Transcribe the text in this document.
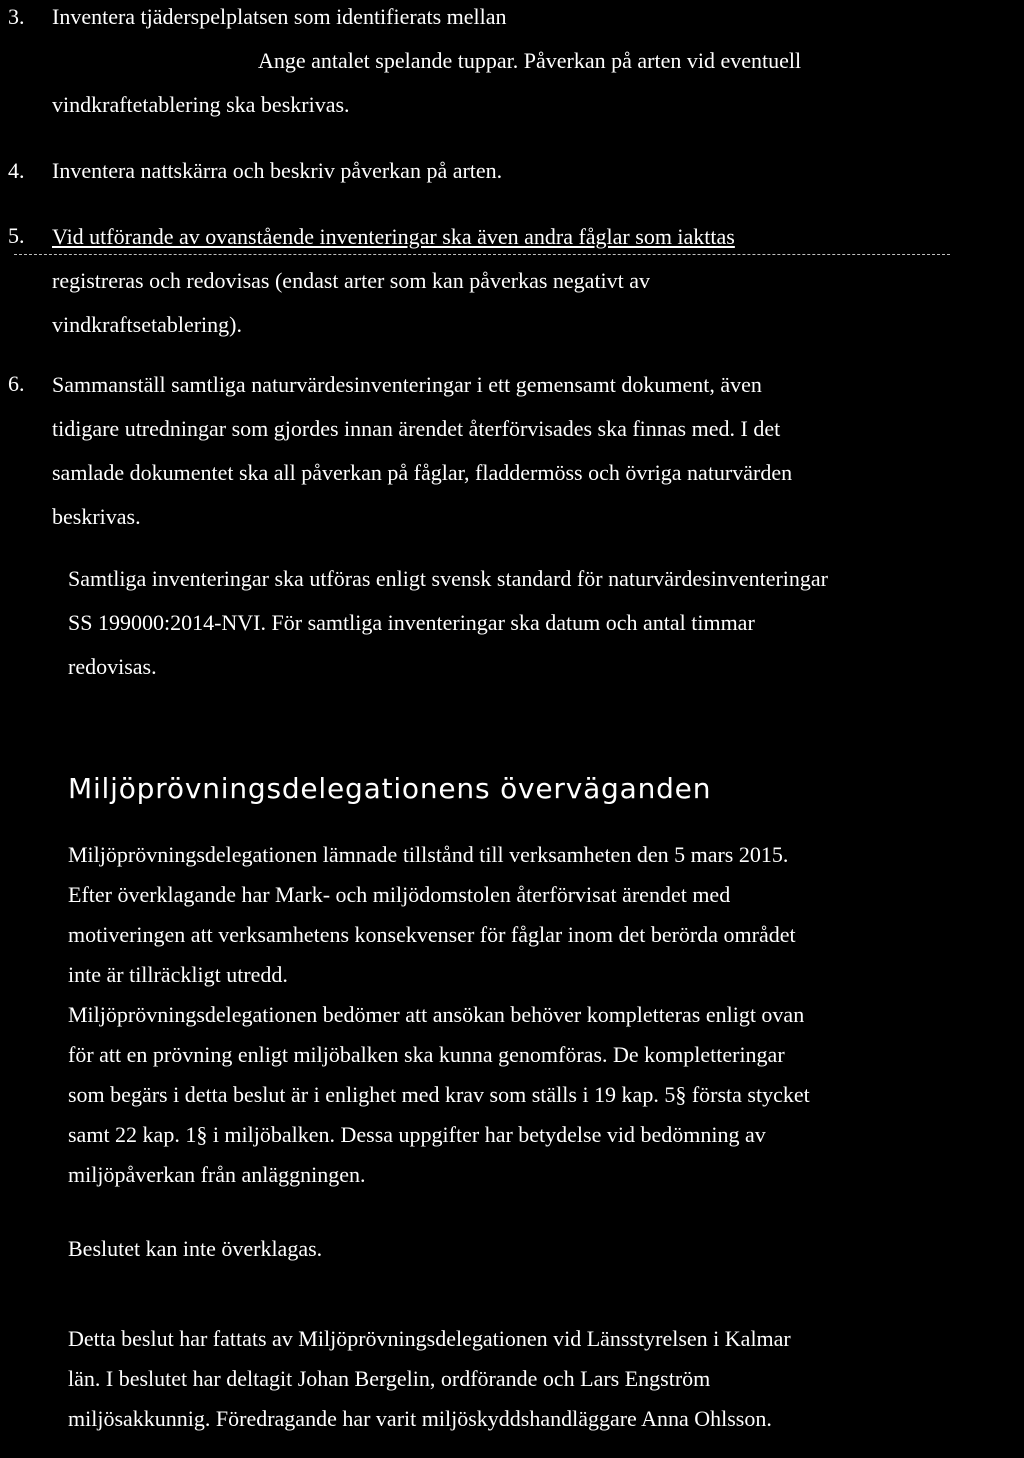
3. Inventera tjäderspelplatsen som identifierats mellan
Ange antalet spelande tuppar. Påverkan på arten vid eventuell
vindkraftetablering ska beskrivas.
4. Inventera nattskärra och beskriv påverkan på arten.
5. Vid utförande av ovanstående inventeringar ska även andra fåglar som iakttas
registreras och redovisas (endast arter som kan påverkas negativt av
vindkraftsetablering).
6. Sammanställ samtliga naturvärdesinventeringar i ett gemensamt dokument, även
tidigare utredningar som gjordes innan ärendet återförvisades ska finnas med. I det
samlade dokumentet ska all påverkan på fåglar, fladdermöss och övriga naturvärden
beskrivas.
Samtliga inventeringar ska utföras enligt svensk standard för naturvärdesinventeringar
SS 199000:2014-NVI. För samtliga inventeringar ska datum och antal timmar
redovisas.
Miljöprövningsdelegationens överväganden
Miljöprövningsdelegationen lämnade tillstånd till verksamheten den 5 mars 2015.
Efter överklagande har Mark- och miljödomstolen återförvisat ärendet med
motiveringen att verksamhetens konsekvenser för fåglar inom det berörda området
inte är tillräckligt utredd.
Miljöprövningsdelegationen bedömer att ansökan behöver kompletteras enligt ovan
för att en prövning enligt miljöbalken ska kunna genomföras. De kompletteringar
som begärs i detta beslut är i enlighet med krav som ställs i 19 kap. 5§ första stycket
samt 22 kap. 1§ i miljöbalken. Dessa uppgifter har betydelse vid bedömning av
miljöpåverkan från anläggningen.
Beslutet kan inte överklagas.
Detta beslut har fattats av Miljöprövningsdelegationen vid Länsstyrelsen i Kalmar
län. I beslutet har deltagit Johan Bergelin, ordförande och Lars Engström
miljösakkunnig. Föredragande har varit miljöskyddshandläggare Anna Ohlsson.
